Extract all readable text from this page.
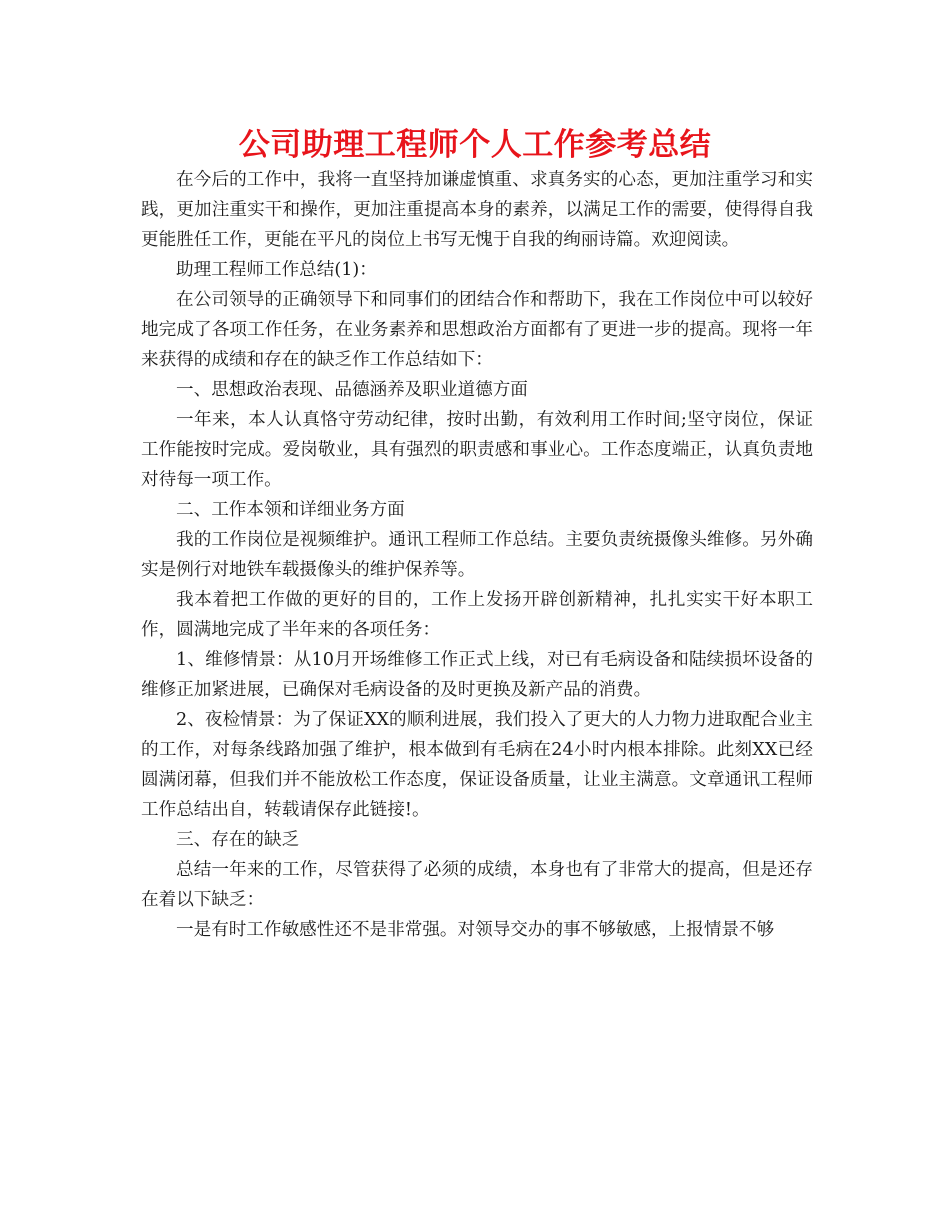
公司助理工程师个人工作参考总结

在今后的工作中，我将一直坚持加谦虚慎重、求真务实的心态，更加注重学习和实践，更加注重实干和操作，更加注重提高本身的素养，以满足工作的需要，使得得自我更能胜任工作，更能在平凡的岗位上书写无愧于自我的绚丽诗篇。欢迎阅读。

助理工程师工作总结(1)：

在公司领导的正确领导下和同事们的团结合作和帮助下，我在工作岗位中可以较好地完成了各项工作任务，在业务素养和思想政治方面都有了更进一步的提高。现将一年来获得的成绩和存在的缺乏作工作总结如下：

一、思想政治表现、品德涵养及职业道德方面

一年来，本人认真恪守劳动纪律，按时出勤，有效利用工作时间;坚守岗位，保证工作能按时完成。爱岗敬业，具有强烈的职责感和事业心。工作态度端正，认真负责地对待每一项工作。

二、工作本领和详细业务方面

我的工作岗位是视频维护。通讯工程师工作总结。主要负责统摄像头维修。另外确实是例行对地铁车载摄像头的维护保养等。

我本着把工作做的更好的目的，工作上发扬开辟创新精神，扎扎实实干好本职工作，圆满地完成了半年来的各项任务：

1、维修情景：从10月开场维修工作正式上线，对已有毛病设备和陆续损坏设备的维修正加紧进展，已确保对毛病设备的及时更换及新产品的消费。

2、夜检情景：为了保证XX的顺利进展，我们投入了更大的人力物力进取配合业主的工作，对每条线路加强了维护，根本做到有毛病在24小时内根本排除。此刻XX已经圆满闭幕，但我们并不能放松工作态度，保证设备质量，让业主满意。文章通讯工程师工作总结出自，转载请保存此链接!。

三、存在的缺乏

总结一年来的工作，尽管获得了必须的成绩，本身也有了非常大的提高，但是还存在着以下缺乏：

一是有时工作敏感性还不是非常强。对领导交办的事不够敏感，上报情景不够
